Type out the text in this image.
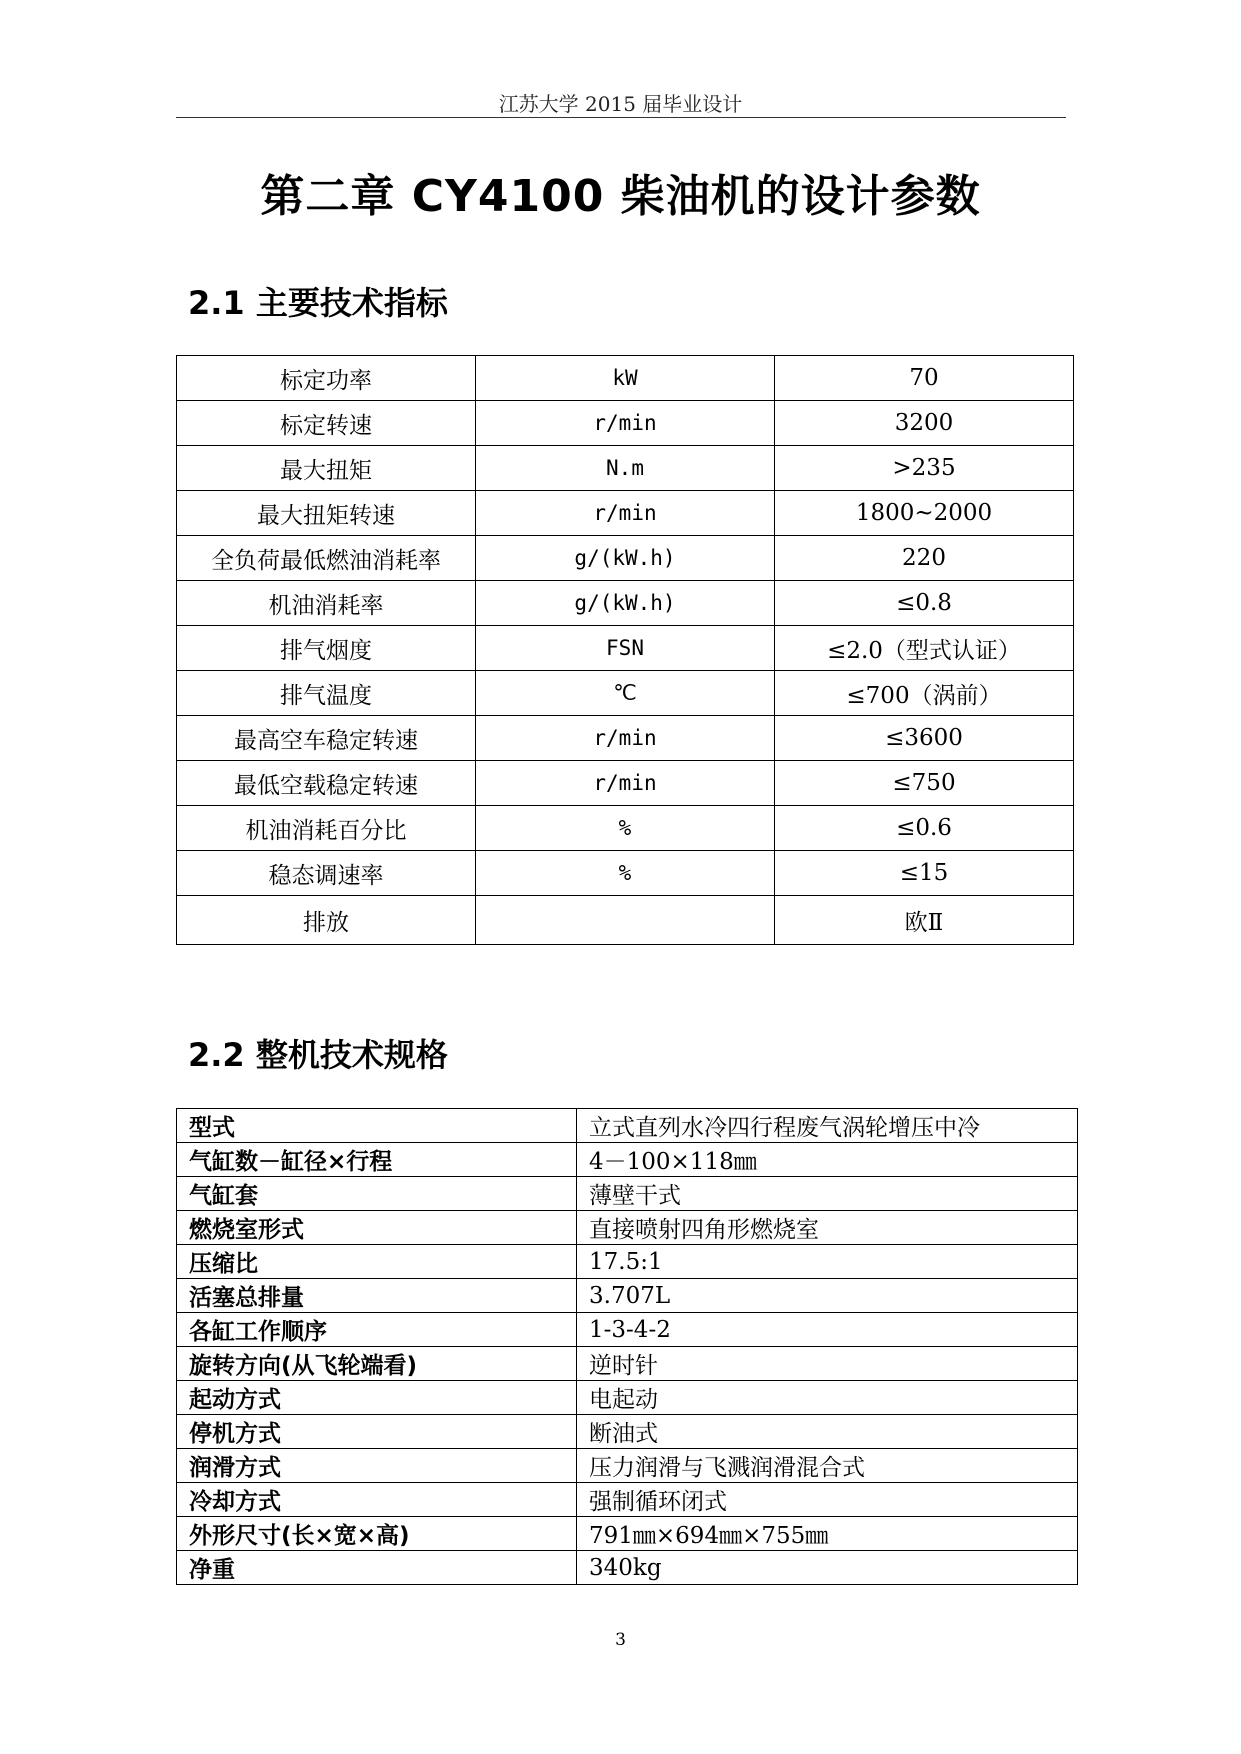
江苏大学 2015 届毕业设计
第二章 CY4100 柴油机的设计参数
2.1 主要技术指标
标定功率	kW	70
标定转速	r/min	3200
最大扭矩	N.m	>235
最大扭矩转速	r/min	1800~2000
全负荷最低燃油消耗率	g/(kW.h)	220
机油消耗率	g/(kW.h)	≤0.8
排气烟度	FSN	≤2.0（型式认证）
排气温度	℃	≤700（涡前）
最高空车稳定转速	r/min	≤3600
最低空载稳定转速	r/min	≤750
机油消耗百分比	%	≤0.6
稳态调速率	%	≤15
排放		欧Ⅱ
2.2 整机技术规格
型式	立式直列水冷四行程废气涡轮增压中冷
气缸数－缸径×行程	4－100×118㎜
气缸套	薄壁干式
燃烧室形式	直接喷射四角形燃烧室
压缩比	17.5:1
活塞总排量	3.707L
各缸工作顺序	1-3-4-2
旋转方向(从飞轮端看)	逆时针
起动方式	电起动
停机方式	断油式
润滑方式	压力润滑与飞溅润滑混合式
冷却方式	强制循环闭式
外形尺寸(长×宽×高)	791㎜×694㎜×755㎜
净重	340kg
3
